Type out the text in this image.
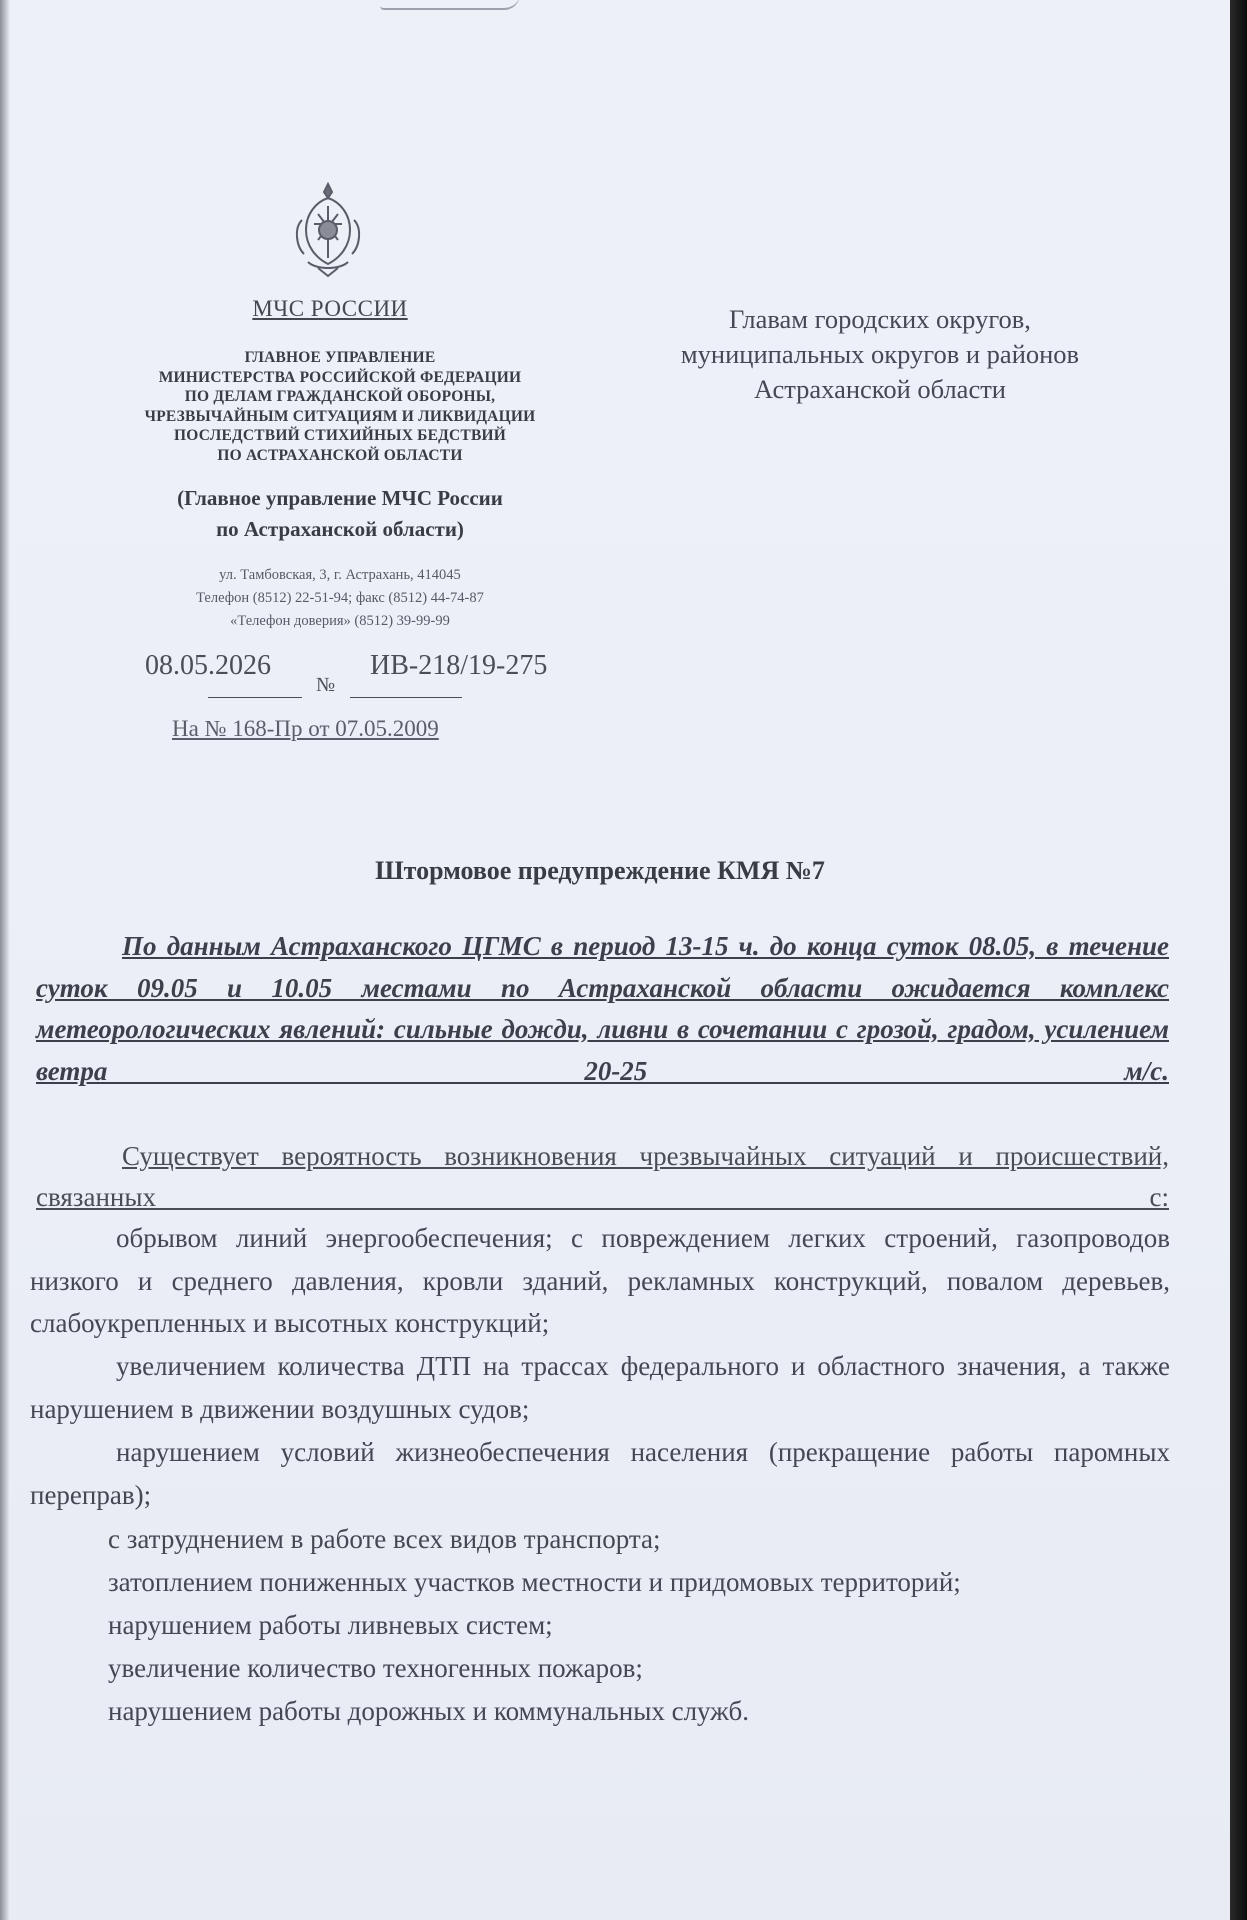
МЧС РОССИИ
ГЛАВНОЕ УПРАВЛЕНИЕ
МИНИСТЕРСТВА РОССИЙСКОЙ ФЕДЕРАЦИИ
ПО ДЕЛАМ ГРАЖДАНСКОЙ ОБОРОНЫ,
ЧРЕЗВЫЧАЙНЫМ СИТУАЦИЯМ И ЛИКВИДАЦИИ
ПОСЛЕДСТВИЙ СТИХИЙНЫХ БЕДСТВИЙ
ПО АСТРАХАНСКОЙ ОБЛАСТИ
(Главное управление МЧС России
по Астраханской области)
ул. Тамбовская, 3, г. Астрахань, 414045
Телефон (8512) 22-51-94; факс (8512) 44-74-87
«Телефон доверия» (8512) 39-99-99
08.05.2026
№
ИВ-218/19-275
На № 168-Пр от 07.05.2009
Главам городских округов,
муниципальных округов и районов
Астраханской области
Штормовое предупреждение КМЯ №7

По данным Астраханского ЦГМС в период 13-15 ч. до конца суток 08.05, в течение суток 09.05 и 10.05 местами по Астраханской области ожидается комплекс метеорологических явлений: сильные дожди, ливни в сочетании с грозой, градом, усилением ветра 20-25 м/с.

Существует вероятность возникновения чрезвычайных ситуаций и происшествий, связанных с:

обрывом линий энергообеспечения; с повреждением легких строений, газопроводов низкого и среднего давления, кровли зданий, рекламных конструкций, повалом деревьев, слабоукрепленных и высотных конструкций;

увеличением количества ДТП на трассах федерального и областного значения, а также нарушением в движении воздушных судов;

нарушением условий жизнеобеспечения населения (прекращение работы паромных переправ);

с затруднением в работе всех видов транспорта;

затоплением пониженных участков местности и придомовых территорий;

нарушением работы ливневых систем;

увеличение количество техногенных пожаров;

нарушением работы дорожных и коммунальных служб.
